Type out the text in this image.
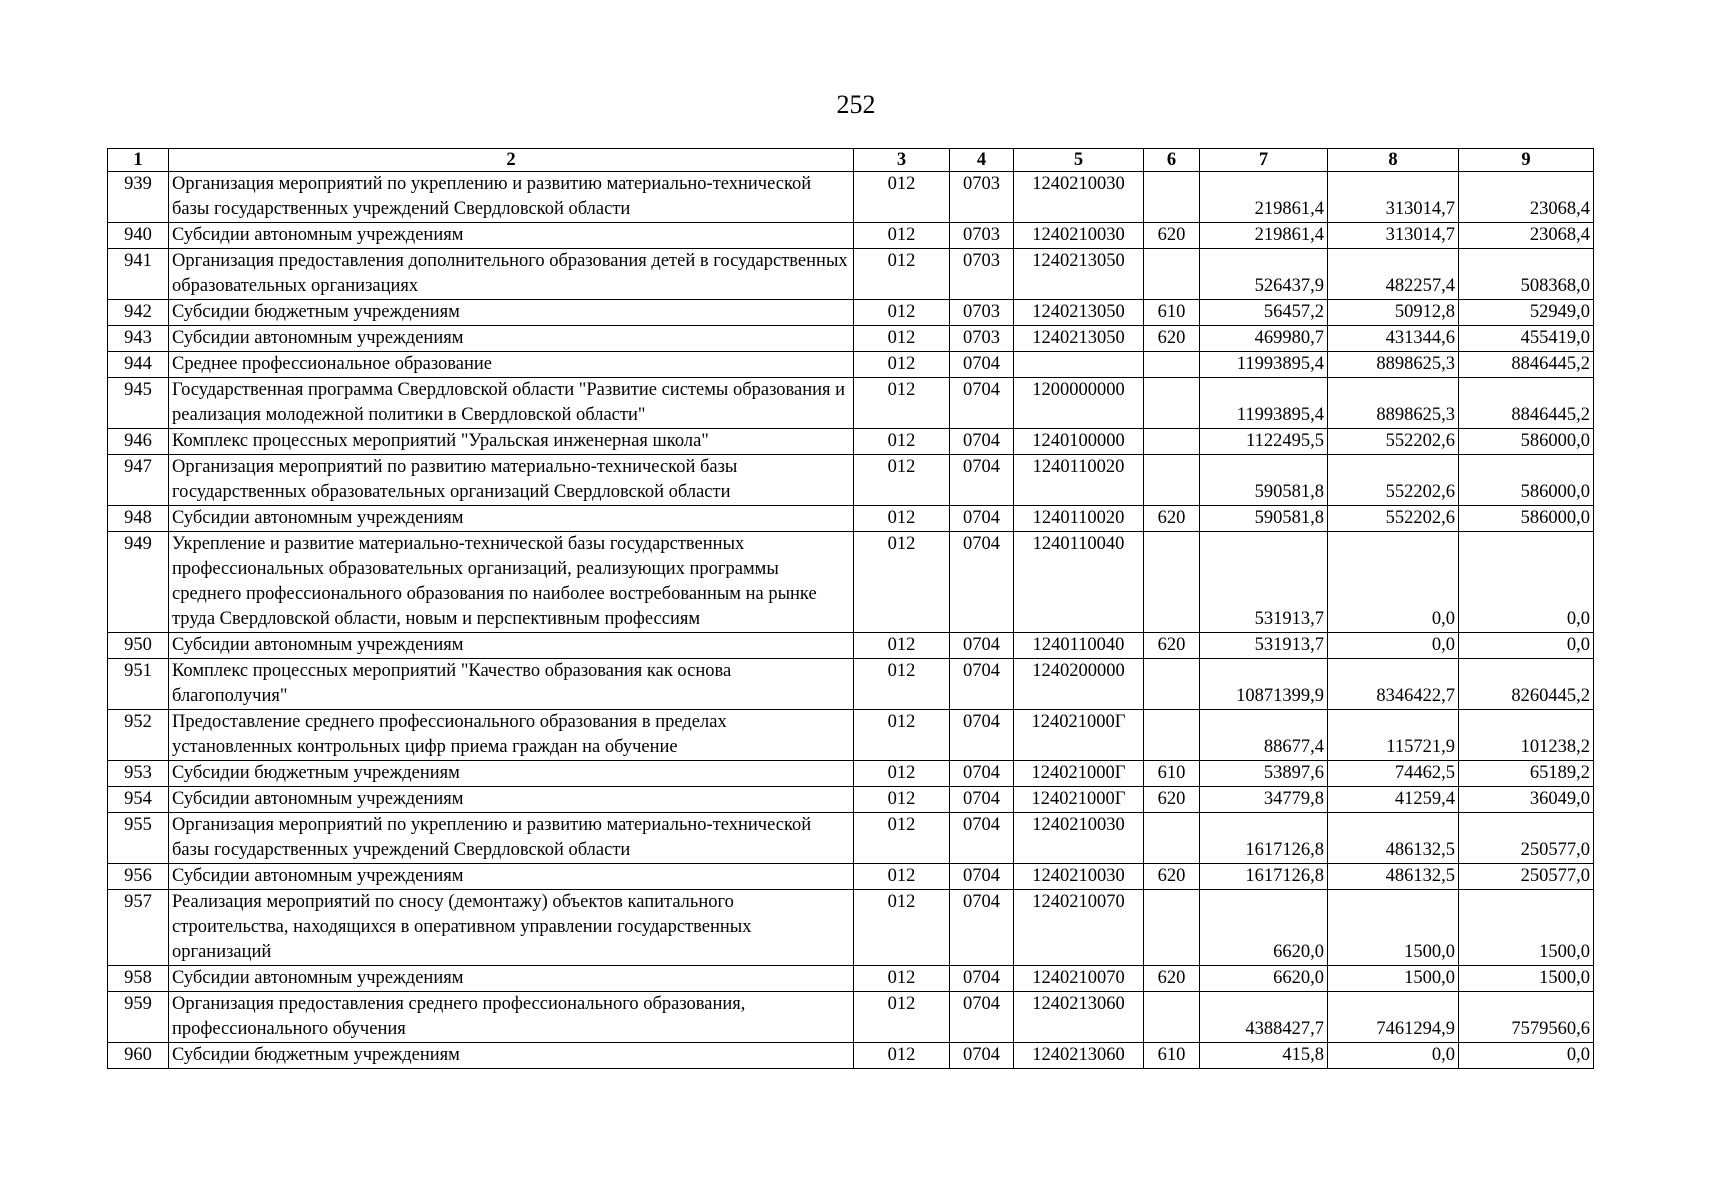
252
1	2	3	4	5	6	7	8	9
939	Организация мероприятий по укреплению и развитию материально-технической базы государственных учреждений Свердловской области	012	0703	1240210030		219861,4	313014,7	23068,4
940	Субсидии автономным учреждениям	012	0703	1240210030	620	219861,4	313014,7	23068,4
941	Организация предоставления дополнительного образования детей в государственных образовательных организациях	012	0703	1240213050		526437,9	482257,4	508368,0
942	Субсидии бюджетным учреждениям	012	0703	1240213050	610	56457,2	50912,8	52949,0
943	Субсидии автономным учреждениям	012	0703	1240213050	620	469980,7	431344,6	455419,0
944	Среднее профессиональное образование	012	0704			11993895,4	8898625,3	8846445,2
945	Государственная программа Свердловской области "Развитие системы образования и реализация молодежной политики в Свердловской области"	012	0704	1200000000		11993895,4	8898625,3	8846445,2
946	Комплекс процессных мероприятий "Уральская инженерная школа"	012	0704	1240100000		1122495,5	552202,6	586000,0
947	Организация мероприятий по развитию материально-технической базы государственных образовательных организаций Свердловской области	012	0704	1240110020		590581,8	552202,6	586000,0
948	Субсидии автономным учреждениям	012	0704	1240110020	620	590581,8	552202,6	586000,0
949	Укрепление и развитие материально-технической базы государственных профессиональных образовательных организаций, реализующих программы среднего профессионального образования по наиболее востребованным на рынке труда Свердловской области, новым и перспективным профессиям	012	0704	1240110040		531913,7	0,0	0,0
950	Субсидии автономным учреждениям	012	0704	1240110040	620	531913,7	0,0	0,0
951	Комплекс процессных мероприятий "Качество образования как основа благополучия"	012	0704	1240200000		10871399,9	8346422,7	8260445,2
952	Предоставление среднего профессионального образования в пределах установленных контрольных цифр приема граждан на обучение	012	0704	124021000Г		88677,4	115721,9	101238,2
953	Субсидии бюджетным учреждениям	012	0704	124021000Г	610	53897,6	74462,5	65189,2
954	Субсидии автономным учреждениям	012	0704	124021000Г	620	34779,8	41259,4	36049,0
955	Организация мероприятий по укреплению и развитию материально-технической базы государственных учреждений Свердловской области	012	0704	1240210030		1617126,8	486132,5	250577,0
956	Субсидии автономным учреждениям	012	0704	1240210030	620	1617126,8	486132,5	250577,0
957	Реализация мероприятий по сносу (демонтажу) объектов капитального строительства, находящихся в оперативном управлении государственных организаций	012	0704	1240210070		6620,0	1500,0	1500,0
958	Субсидии автономным учреждениям	012	0704	1240210070	620	6620,0	1500,0	1500,0
959	Организация предоставления среднего профессионального образования, профессионального обучения	012	0704	1240213060		4388427,7	7461294,9	7579560,6
960	Субсидии бюджетным учреждениям	012	0704	1240213060	610	415,8	0,0	0,0
